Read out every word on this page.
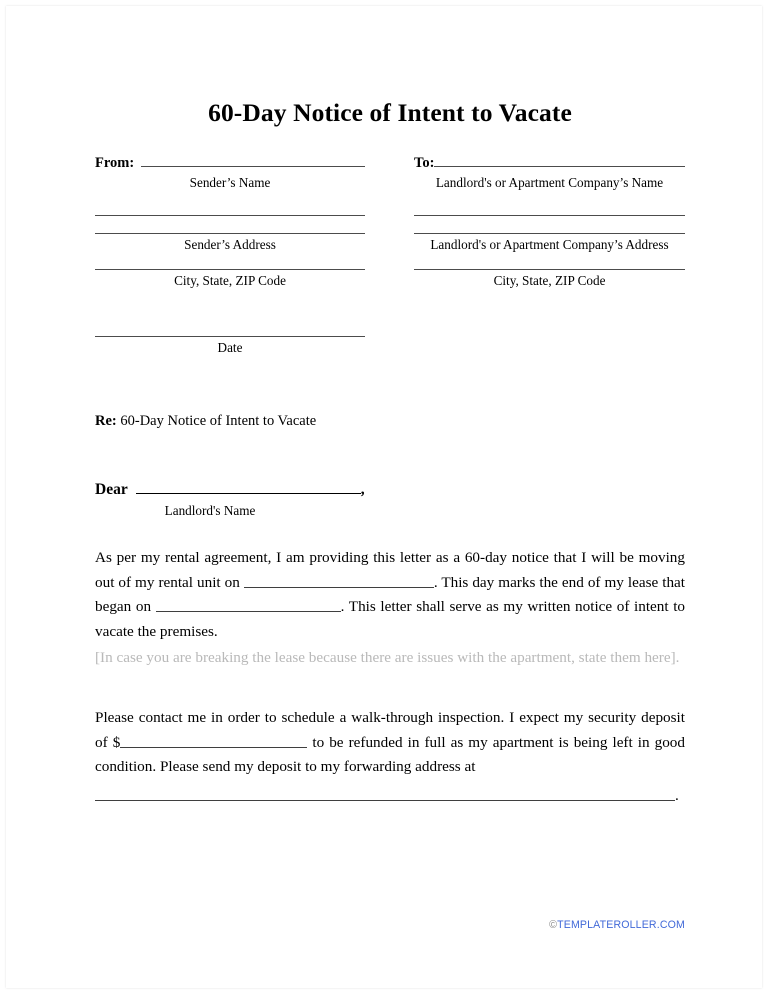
60-Day Notice of Intent to Vacate
From:
Sender’s Name
Sender’s Address
City, State, ZIP Code
To:
Landlord's or Apartment Company’s Name
Landlord's or Apartment Company’s Address
City, State, ZIP Code
Date
Re: 60-Day Notice of Intent to Vacate
Dear	,
Landlord's Name
As per my rental agreement, I am providing this letter as a 60-day notice that I will be moving out of my rental unit on	. This day marks the end of my lease that began on	. This letter shall serve as my written notice of intent to vacate the premises.
[In case you are breaking the lease because there are issues with the apartment, state them here].
Please contact me in order to schedule a walk-through inspection. I expect my security deposit of $	to be refunded in full as my apartment is being left in good condition. Please send my deposit to my forwarding address at
.
©TEMPLATEROLLER.COM
